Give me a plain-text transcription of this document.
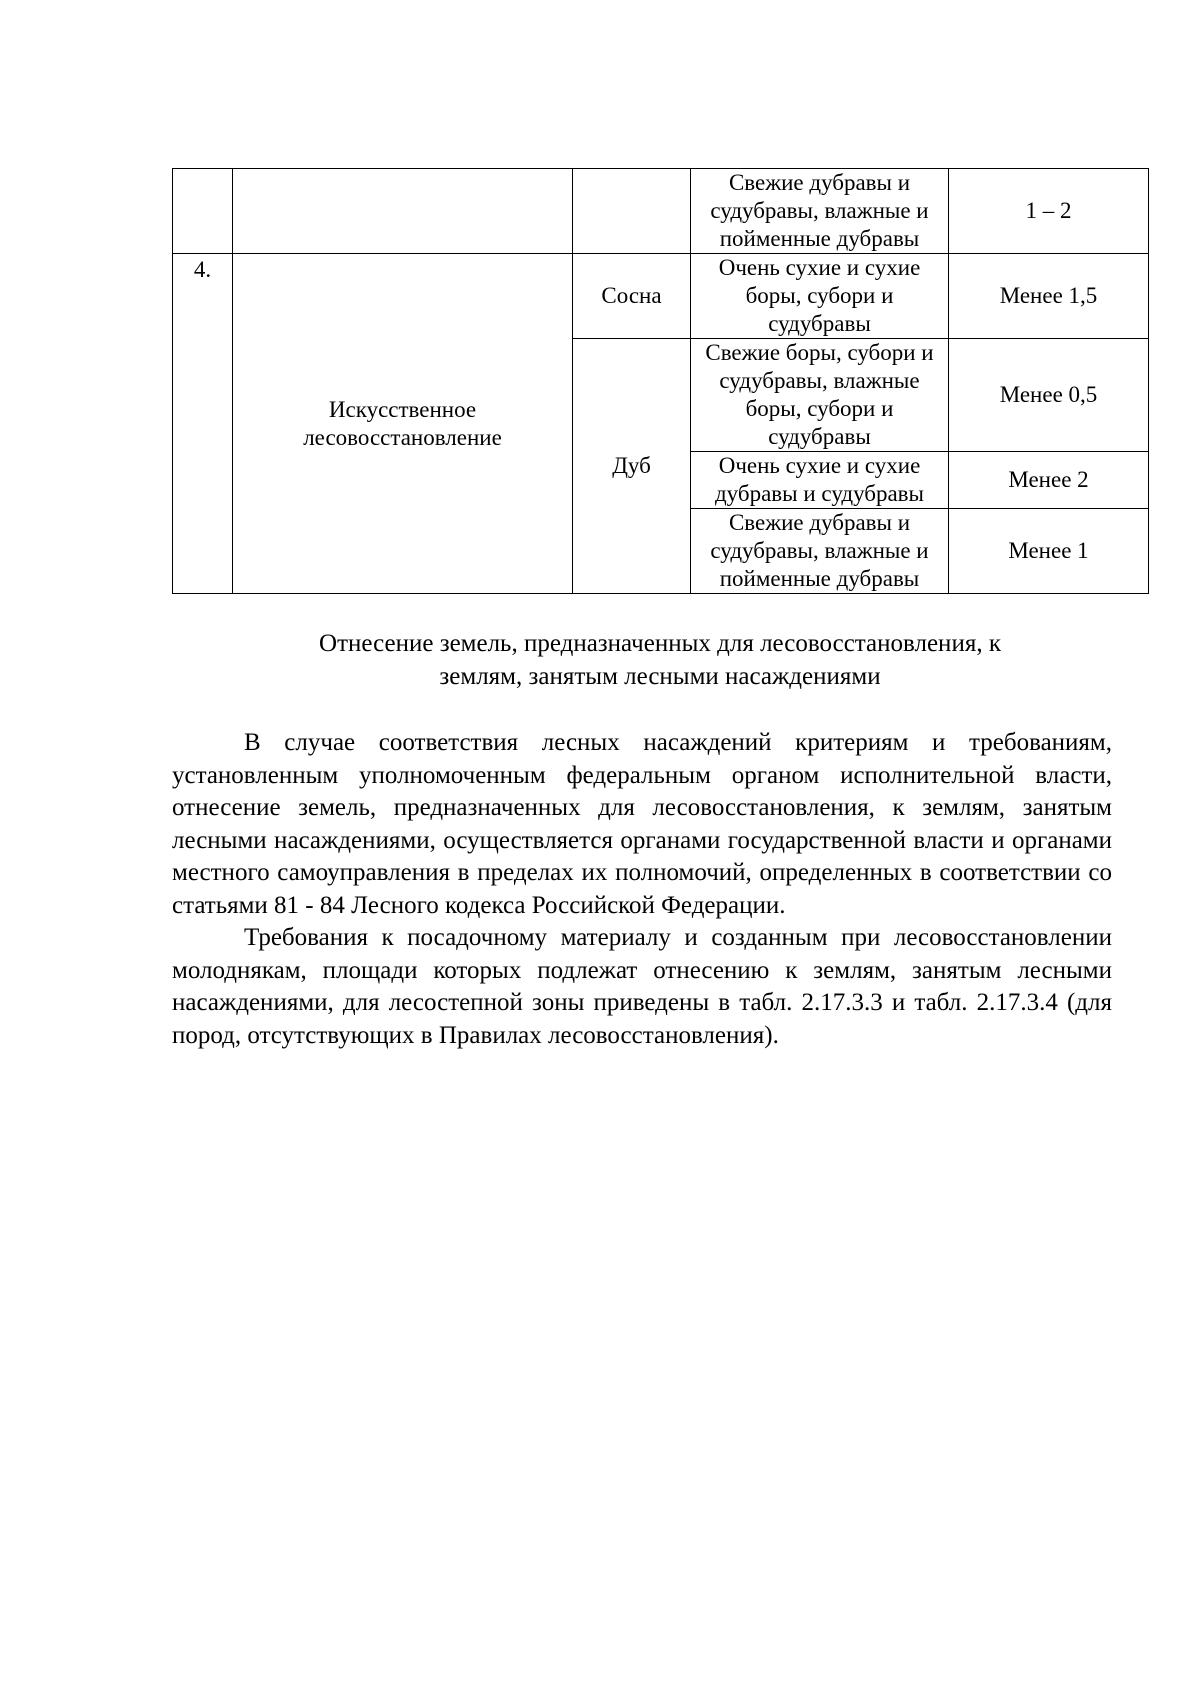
			Свежие дубравы и судубравы, влажные и пойменные дубравы	1 – 2
4.	Искусственное лесовосстановление	Сосна	Очень сухие и сухие боры, субори и судубравы	Менее 1,5
		Дуб	Свежие боры, субори и судубравы, влажные боры, субори и судубравы	Менее 0,5
			Очень сухие и сухие дубравы и судубравы	Менее 2
			Свежие дубравы и судубравы, влажные и пойменные дубравы	Менее 1
Отнесение земель, предназначенных для лесовосстановления, к
землям, занятым лесными насаждениями

В случае соответствия лесных насаждений критериям и требованиям, установленным уполномоченным федеральным органом исполнительной власти, отнесение земель, предназначенных для лесовосстановления, к землям, занятым лесными насаждениями, осуществляется органами государственной власти и органами местного самоуправления в пределах их полномочий, определенных в соответствии со статьями 81 - 84 Лесного кодекса Российской Федерации.

Требования к посадочному материалу и созданным при лесовосстановлении молоднякам, площади которых подлежат отнесению к землям, занятым лесными насаждениями, для лесостепной зоны приведены в табл. 2.17.3.3 и табл. 2.17.3.4 (для пород, отсутствующих в Правилах лесовосстановления).
